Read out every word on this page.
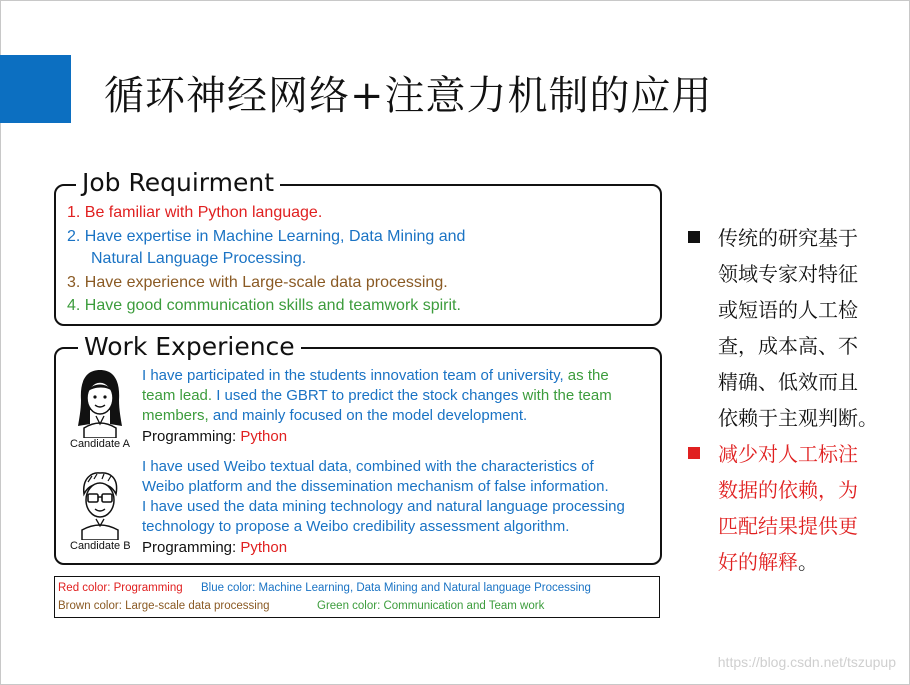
循环神经网络+注意力机制的应用
Job Requirment
1. Be familiar with Python language.
2. Have expertise in Machine Learning, Data Mining and
Natural Language Processing.
3. Have experience with Large-scale data processing.
4. Have good communication skills and teamwork spirit.
Work Experience
Candidate A
I have participated in the students innovation team of university, as the
team lead. I used the GBRT to predict the stock changes with the team
members, and mainly focused on the model development.
Programming: Python
Candidate B
I have used Weibo textual data, combined with the characteristics of
Weibo platform and the dissemination mechanism of false information.
I have used the data mining technology and natural language processing
technology to propose a Weibo credibility assessment algorithm.
Programming: Python
Red color: Programming Blue color: Machine Learning, Data Mining and Natural language Processing
Brown color: Large-scale data processing	Green color: Communication and Team work
传统的研究基于
领域专家对特征
或短语的人工检
查，成本高、不
精确、低效而且
依赖于主观判断。
减少对人工标注
数据的依赖，为
匹配结果提供更
好的解释。
https://blog.csdn.net/tszupup
